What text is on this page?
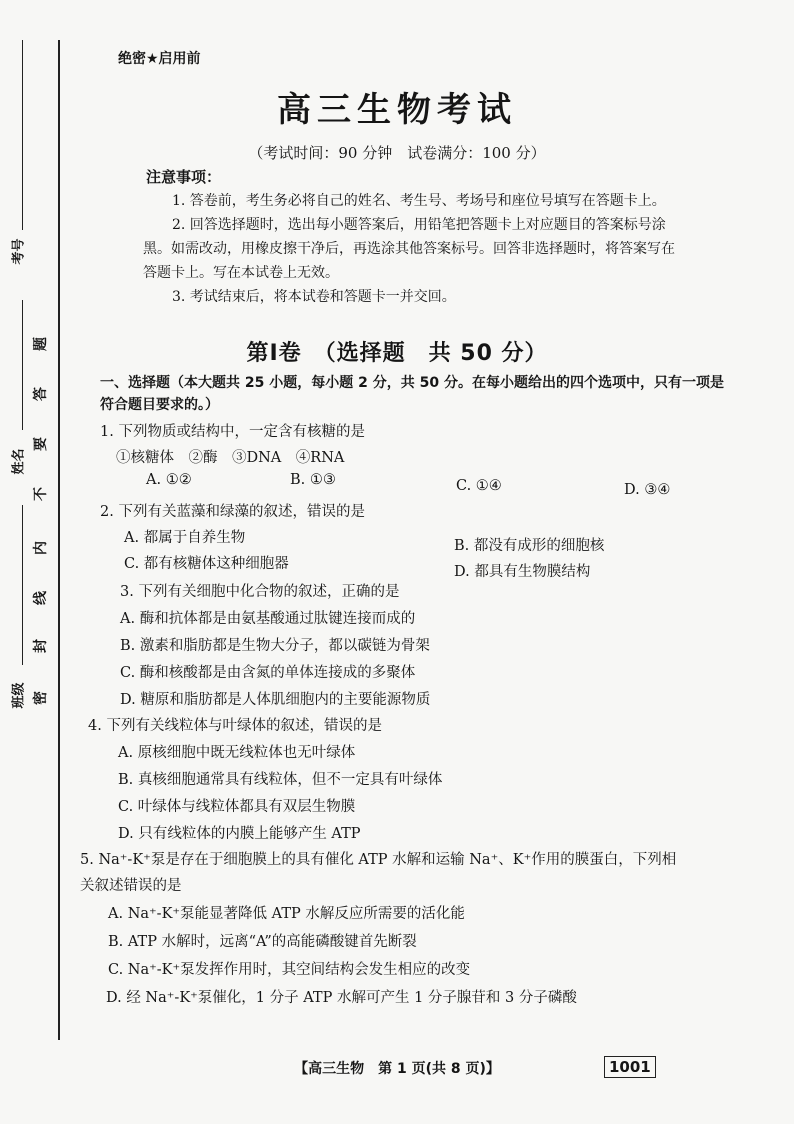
考号
姓名
班级 密
封
线
内
不
要
答
题
绝密★启用前
高三生物考试
（考试时间：90 分钟　试卷满分：100 分）
注意事项：
1. 答卷前，考生务必将自己的姓名、考生号、考场号和座位号填写在答题卡上。
2. 回答选择题时，选出每小题答案后，用铅笔把答题卡上对应题目的答案标号涂
黑。如需改动，用橡皮擦干净后，再选涂其他答案标号。回答非选择题时，将答案写在
答题卡上。写在本试卷上无效。
3. 考试结束后，将本试卷和答题卡一并交回。
第Ⅰ卷　（选择题　共 50 分）
一、选择题（本大题共 25 小题，每小题 2 分，共 50 分。在每小题给出的四个选项中，只有一项是
符合题目要求的。）
1. 下列物质或结构中，一定含有核糖的是
①核糖体　②酶　③DNA　④RNA
A. ①②	B. ①③	C. ①④	D. ③④
2. 下列有关蓝藻和绿藻的叙述，错误的是
A. 都属于自养生物	B. 都没有成形的细胞核
C. 都有核糖体这种细胞器	D. 都具有生物膜结构
3. 下列有关细胞中化合物的叙述，正确的是
A. 酶和抗体都是由氨基酸通过肽键连接而成的
B. 激素和脂肪都是生物大分子，都以碳链为骨架
C. 酶和核酸都是由含氮的单体连接成的多聚体
D. 糖原和脂肪都是人体肌细胞内的主要能源物质
4. 下列有关线粒体与叶绿体的叙述，错误的是
A. 原核细胞中既无线粒体也无叶绿体
B. 真核细胞通常具有线粒体，但不一定具有叶绿体
C. 叶绿体与线粒体都具有双层生物膜
D. 只有线粒体的内膜上能够产生 ATP
5. Na⁺-K⁺泵是存在于细胞膜上的具有催化 ATP 水解和运输 Na⁺、K⁺作用的膜蛋白，下列相
关叙述错误的是
A. Na⁺-K⁺泵能显著降低 ATP 水解反应所需要的活化能
B. ATP 水解时，远离“A”的高能磷酸键首先断裂
C. Na⁺-K⁺泵发挥作用时，其空间结构会发生相应的改变
D. 经 Na⁺-K⁺泵催化，1 分子 ATP 水解可产生 1 分子腺苷和 3 分子磷酸
【高三生物　第 1 页(共 8 页)】	1001
